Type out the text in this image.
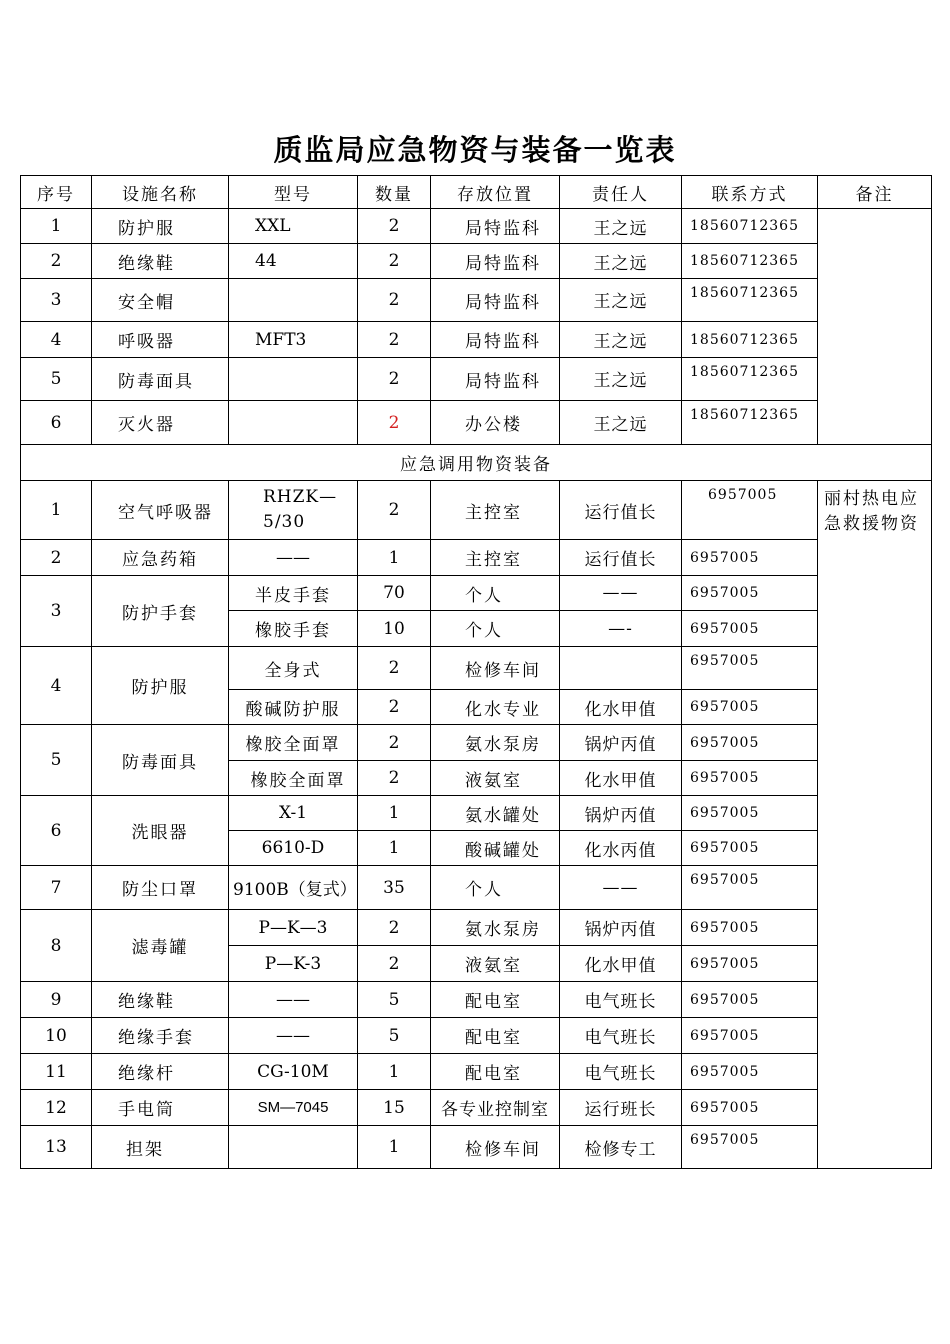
质监局应急物资与装备一览表
序号	设施名称	型号	数量	存放位置	责任人	联系方式	备注
1	防护服	XXL	2	局特监科	王之远	18560712365	
2	绝缘鞋	44	2	局特监科	王之远	18560712365	
3	安全帽		2	局特监科	王之远	18560712365	
4	呼吸器	MFT3	2	局特监科	王之远	18560712365	
5	防毒面具		2	局特监科	王之远	18560712365	
6	灭火器		2	办公楼	王之远	18560712365	
应急调用物资装备							
1	空气呼吸器	RHZK—5/30	2	主控室	运行值长	6957005	丽村热电应急救援物资
2	应急药箱	——	1	主控室	运行值长	6957005	
3	防护手套	半皮手套	70	个人	——	6957005	
		橡胶手套	10	个人	—-	6957005	
4	防护服	全身式	2	检修车间		6957005	
		酸碱防护服	2	化水专业	化水甲值	6957005	
5	防毒面具	橡胶全面罩	2	氨水泵房	锅炉丙值	6957005	
		橡胶全面罩	2	液氨室	化水甲值	6957005	
6	洗眼器	X-1	1	氨水罐处	锅炉丙值	6957005	
		6610-D	1	酸碱罐处	化水丙值	6957005	
7	防尘口罩	9100B（复式）	35	个人	——	6957005	
8	滤毒罐	P—K—3	2	氨水泵房	锅炉丙值	6957005	
		P—K-3	2	液氨室	化水甲值	6957005	
9	绝缘鞋	——	5	配电室	电气班长	6957005	
10	绝缘手套	——	5	配电室	电气班长	6957005	
11	绝缘杆	CG-10M	1	配电室	电气班长	6957005	
12	手电筒	SM—7045	15	各专业控制室	运行班长	6957005	
13	担架		1	检修车间	检修专工	6957005	
